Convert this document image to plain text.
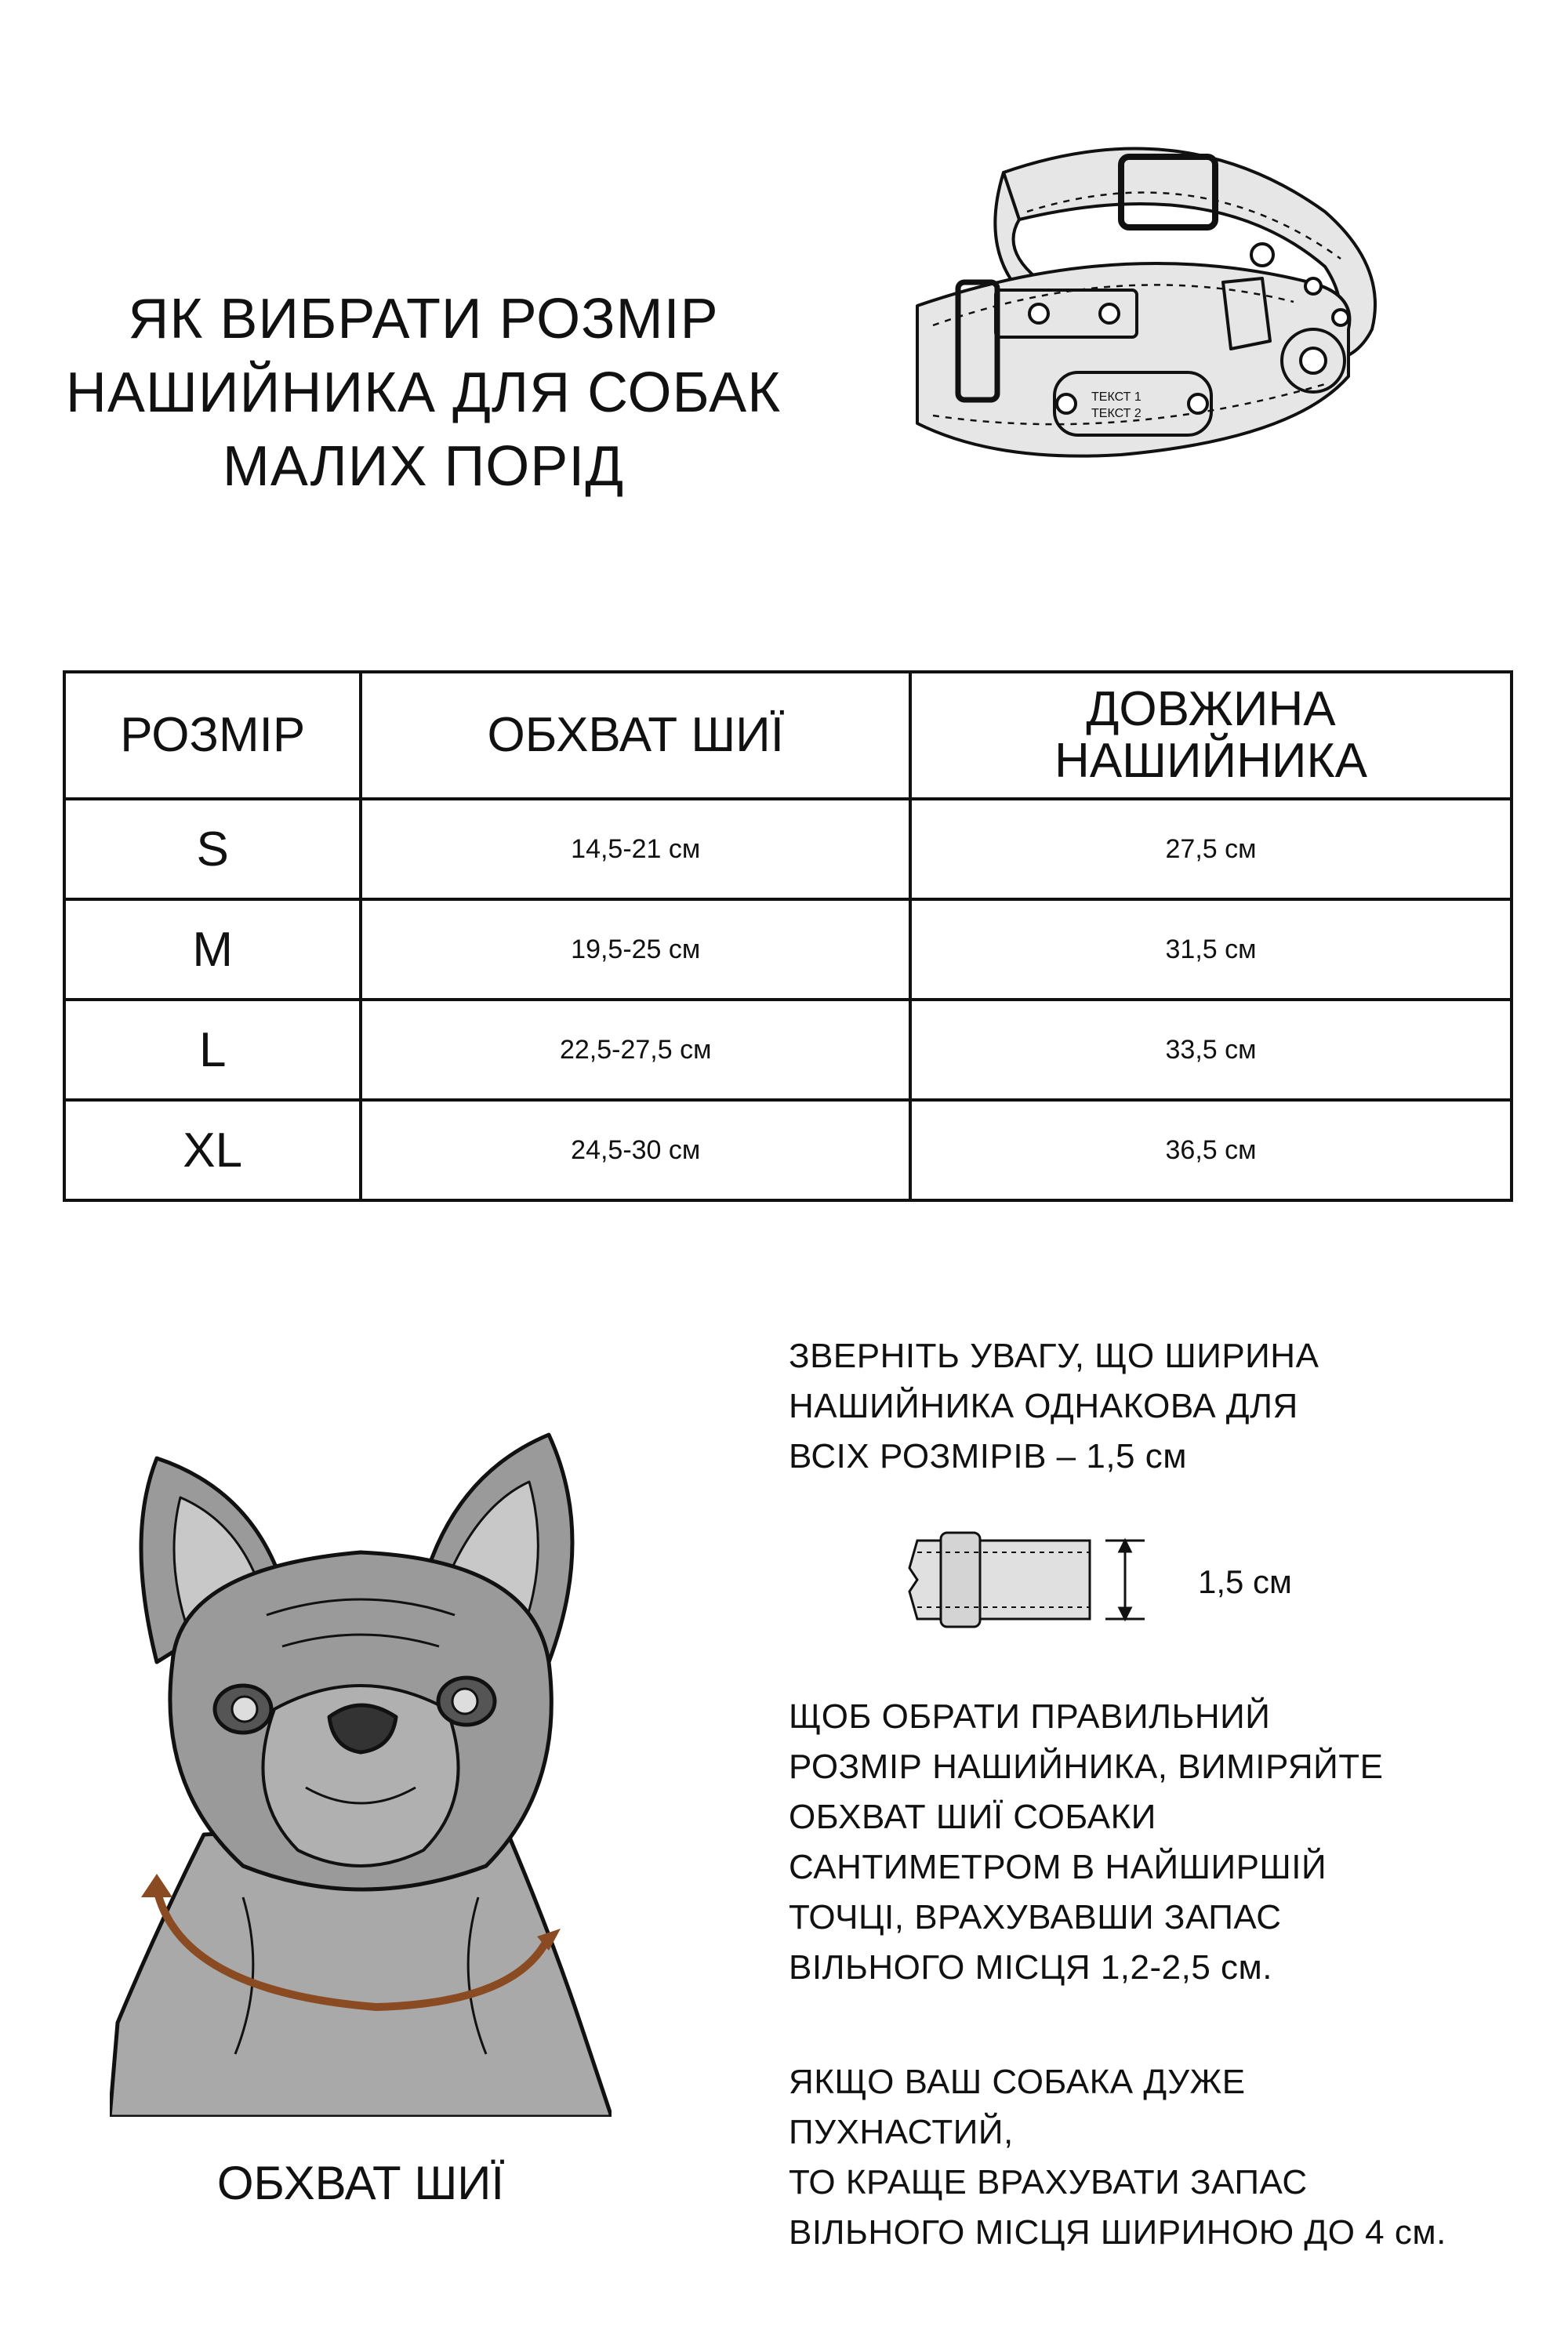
ЯК ВИБРАТИ РОЗМІР
НАШИЙНИКА ДЛЯ СОБАК
МАЛИХ ПОРІД
ТЕКСТ 1
ТЕКСТ 2
РОЗМІР	ОБХВАТ ШИЇ	ДОВЖИНА
НАШИЙНИКА

S	14,5-21 см	27,5 см
M	19,5-25 см	31,5 см
L	22,5-27,5 см	33,5 см
XL	24,5-30 см	36,5 см
ОБХВАТ ШИЇ
ЗВЕРНІТЬ УВАГУ, ЩО ШИРИНА
НАШИЙНИКА ОДНАКОВА ДЛЯ
ВСІХ РОЗМІРІВ – 1,5 см
1,5 см
ЩОБ ОБРАТИ ПРАВИЛЬНИЙ
РОЗМІР НАШИЙНИКА, ВИМІРЯЙТЕ
ОБХВАТ ШИЇ СОБАКИ
САНТИМЕТРОМ В НАЙШИРШІЙ
ТОЧЦІ, ВРАХУВАВШИ ЗАПАС
ВІЛЬНОГО МІСЦЯ 1,2-2,5 см.
ЯКЩО ВАШ СОБАКА ДУЖЕ
ПУХНАСТИЙ,
ТО КРАЩЕ ВРАХУВАТИ ЗАПАС
ВІЛЬНОГО МІСЦЯ ШИРИНОЮ ДО 4 см.
